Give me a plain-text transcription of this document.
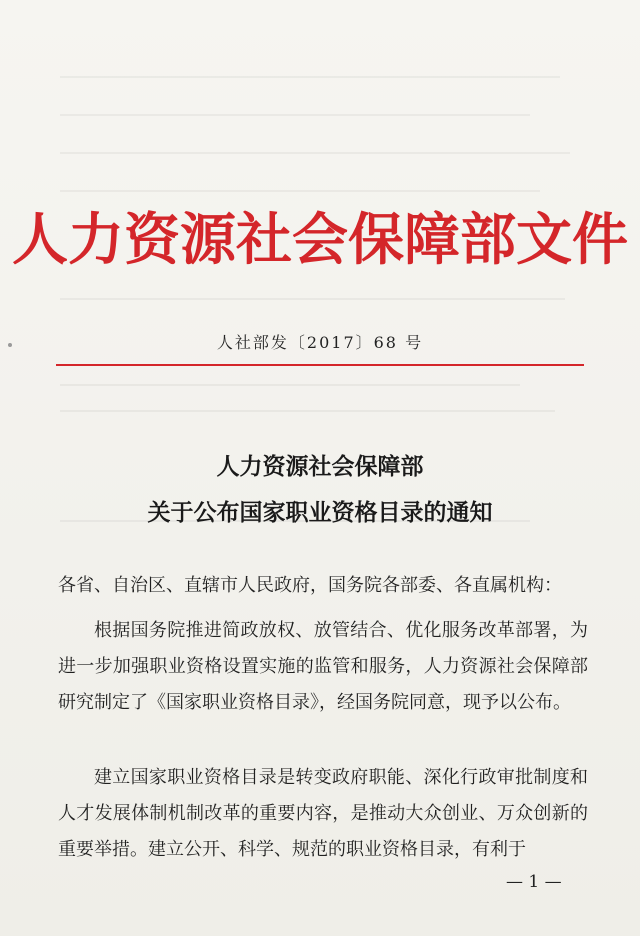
人力资源社会保障部文件
人社部发〔2017〕68 号
人力资源社会保障部
关于公布国家职业资格目录的通知
各省、自治区、直辖市人民政府，国务院各部委、各直属机构：
根据国务院推进简政放权、放管结合、优化服务改革部署，为进一步加强职业资格设置实施的监管和服务，人力资源社会保障部研究制定了《国家职业资格目录》，经国务院同意，现予以公布。
建立国家职业资格目录是转变政府职能、深化行政审批制度和人才发展体制机制改革的重要内容，是推动大众创业、万众创新的重要举措。建立公开、科学、规范的职业资格目录，有利于
— 1 —
